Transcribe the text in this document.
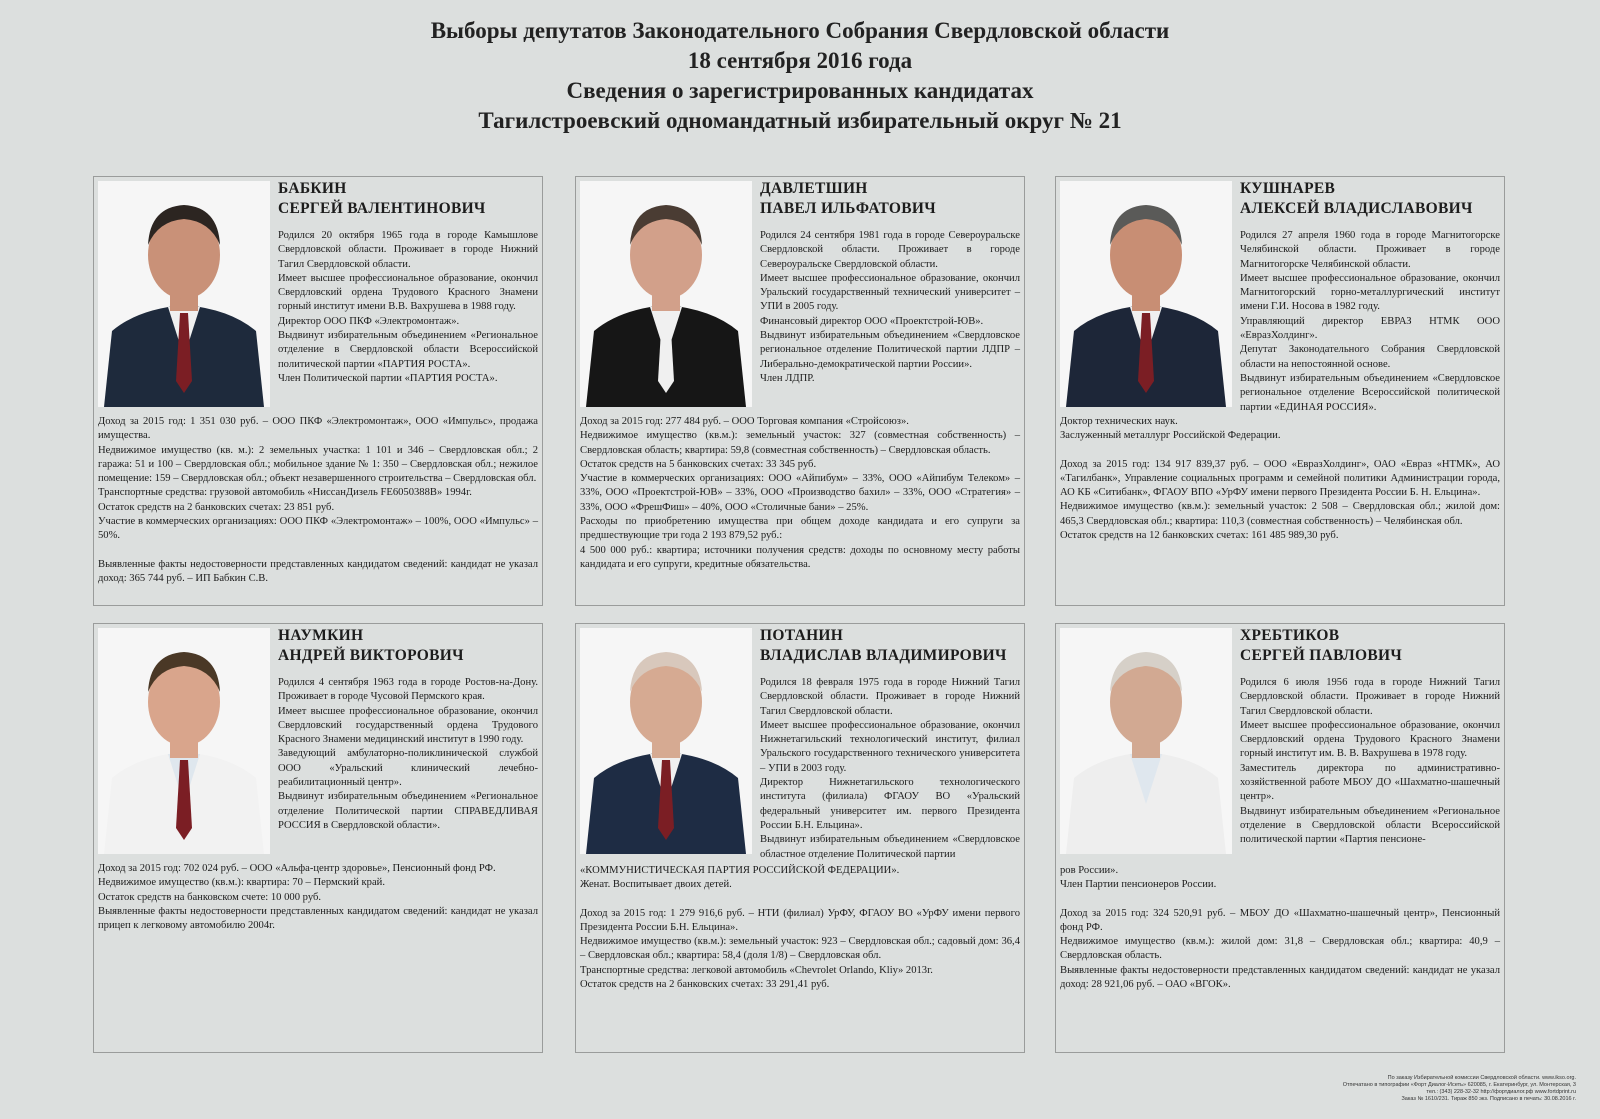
Выборы депутатов Законодательного Собрания Свердловской области
18 сентября 2016 года
Сведения о зарегистрированных кандидатах
Тагилстроевский одномандатный избирательный округ № 21
БАБКИН
СЕРГЕЙ ВАЛЕНТИНОВИЧ

Родился 20 октября 1965 года в городе Камышлове Свердловской области. Проживает в городе Нижний Тагил Свердловской области.

Имеет высшее профессиональное образование, окончил Свердловский ордена Трудового Красного Знамени горный институт имени В.В. Вахрушева в 1988 году.

Директор ООО ПКФ «Электромонтаж».

Выдвинут избирательным объединением «Региональное отделение в Свердловской области Всероссийской политической партии «ПАРТИЯ РОСТА».

Член Политической партии «ПАРТИЯ РОСТА».

Доход за 2015 год: 1 351 030 руб. – ООО ПКФ «Электромонтаж», ООО «Импульс», продажа имущества.

Недвижимое имущество (кв. м.): 2 земельных участка: 1 101 и 346 – Свердловская обл.; 2 гаража: 51 и 100 – Свердловская обл.; мобильное здание № 1: 350 – Свердловская обл.; нежилое помещение: 159 – Свердловская обл.; объект незавершенного строительства – Свердловская обл.

Транспортные средства: грузовой автомобиль «НиссанДизель FE6050388B» 1994г.

Остаток средств на 2 банковских счетах: 23 851 руб.

Участие в коммерческих организациях: ООО ПКФ «Электромонтаж» – 100%, ООО «Импульс» – 50%.

Выявленные факты недостоверности представленных кандидатом сведений: кандидат не указал доход: 365 744 руб. – ИП Бабкин С.В.

ДАВЛЕТШИН
ПАВЕЛ ИЛЬФАТОВИЧ

Родился 24 сентября 1981 года в городе Североуральске Свердловской области. Проживает в городе Североуральске Свердловской области.

Имеет высшее профессиональное образование, окончил Уральский государственный технический университет – УПИ в 2005 году.

Финансовый директор ООО «Проектстрой-ЮВ».

Выдвинут избирательным объединением «Свердловское региональное отделение Политической партии ЛДПР – Либерально-демократической партии России».

Член ЛДПР.

Доход за 2015 год: 277 484 руб. – ООО Торговая компания «Стройсоюз».

Недвижимое имущество (кв.м.): земельный участок: 327 (совместная собственность) – Свердловская область; квартира: 59,8 (совместная собственность) – Свердловская область.

Остаток средств на 5 банковских счетах: 33 345 руб.

Участие в коммерческих организациях: ООО «Айпибум» – 33%, ООО «Айпибум Телеком» – 33%, ООО «Проектстрой-ЮВ» – 33%, ООО «Производство бахил» – 33%, ООО «Стратегия» – 33%, ООО «ФрешФиш» – 40%, ООО «Столичные бани» – 25%.

Расходы по приобретению имущества при общем доходе кандидата и его супруги за предшествующие три года 2 193 879,52 руб.:

4 500 000 руб.: квартира; источники получения средств: доходы по основному месту работы кандидата и его супруги, кредитные обязательства.

КУШНАРЕВ
АЛЕКСЕЙ ВЛАДИСЛАВОВИЧ

Родился 27 апреля 1960 года в городе Магнитогорске Челябинской области. Проживает в городе Магнитогорске Челябинской области.

Имеет высшее профессиональное образование, окончил Магнитогорский горно-металлургический институт имени Г.И. Носова в 1982 году.

Управляющий директор ЕВРАЗ НТМК ООО «ЕвразХолдинг».

Депутат Законодательного Собрания Свердловской области на непостоянной основе.

Выдвинут избирательным объединением «Свердловское региональное отделение Всероссийской политической партии «ЕДИНАЯ РОССИЯ».

Доктор технических наук.

Заслуженный металлург Российской Федерации.

Доход за 2015 год: 134 917 839,37 руб. – ООО «ЕвразХолдинг», ОАО «Евраз «НТМК», АО «Тагилбанк», Управление социальных программ и семейной политики Администрации города, АО КБ «Ситибанк», ФГАОУ ВПО «УрФУ имени первого Президента России Б. Н. Ельцина».

Недвижимое имущество (кв.м.): земельный участок: 2 508 – Свердловская обл.; жилой дом: 465,3 Свердловская обл.; квартира: 110,3 (совместная собственность) – Челябинская обл.

Остаток средств на 12 банковских счетах: 161 485 989,30 руб.

НАУМКИН
АНДРЕЙ ВИКТОРОВИЧ

Родился 4 сентября 1963 года в городе Ростов-на-Дону. Проживает в городе Чусовой Пермского края.

Имеет высшее профессиональное образование, окончил Свердловский государственный ордена Трудового Красного Знамени медицинский институт в 1990 году.

Заведующий амбулаторно-поликлинической службой ООО «Уральский клинический лечебно-реабилитационный центр».

Выдвинут избирательным объединением «Региональное отделение Политической партии СПРАВЕДЛИВАЯ РОССИЯ в Свердловской области».

Доход за 2015 год: 702 024 руб. – ООО «Альфа-центр здоровье», Пенсионный фонд РФ.

Недвижимое имущество (кв.м.): квартира: 70 – Пермский край.

Остаток средств на банковском счете: 10 000 руб.

Выявленные факты недостоверности представленных кандидатом сведений: кандидат не указал прицеп к легковому автомобилю 2004г.

ПОТАНИН
ВЛАДИСЛАВ ВЛАДИМИРОВИЧ

Родился 18 февраля 1975 года в городе Нижний Тагил Свердловской области. Проживает в городе Нижний Тагил Свердловской области.

Имеет высшее профессиональное образование, окончил Нижнетагильский технологический институт, филиал Уральского государственного технического университета – УПИ в 2003 году.

Директор Нижнетагильского технологического института (филиала) ФГАОУ ВО «Уральский федеральный университет им. первого Президента России Б.Н. Ельцина».

Выдвинут избирательным объединением «Свердловское областное отделение Политической партии

«КОММУНИСТИЧЕСКАЯ ПАРТИЯ РОССИЙСКОЙ ФЕДЕРАЦИИ».

Женат. Воспитывает двоих детей.

Доход за 2015 год: 1 279 916,6 руб. – НТИ (филиал) УрФУ, ФГАОУ ВО «УрФУ имени первого Президента России Б.Н. Ельцина».

Недвижимое имущество (кв.м.): земельный участок: 923 – Свердловская обл.; садовый дом: 36,4 – Свердловская обл.; квартира: 58,4 (доля 1/8) – Свердловская обл.

Транспортные средства: легковой автомобиль «Chevrolet Orlando, Kliy» 2013г.

Остаток средств на 2 банковских счетах: 33 291,41 руб.

ХРЕБТИКОВ
СЕРГЕЙ ПАВЛОВИЧ

Родился 6 июля 1956 года в городе Нижний Тагил Свердловской области. Проживает в городе Нижний Тагил Свердловской области.

Имеет высшее профессиональное образование, окончил Свердловский ордена Трудового Красного Знамени горный институт им. В. В. Вахрушева в 1978 году.

Заместитель директора по административно-хозяйственной работе МБОУ ДО «Шахматно-шашечный центр».

Выдвинут избирательным объединением «Региональное отделение в Свердловской области Всероссийской политической партии «Партия пенсионе-

ров России».

Член Партии пенсионеров России.

Доход за 2015 год: 324 520,91 руб. – МБОУ ДО «Шахматно-шашечный центр», Пенсионный фонд РФ.

Недвижимое имущество (кв.м.): жилой дом: 31,8 – Свердловская обл.; квартира: 40,9 – Свердловская область.

Выявленные факты недостоверности представленных кандидатом сведений: кандидат не указал доход: 28 921,06 руб. – ОАО «ВГОК».

По заказу Избирательной комиссии Свердловской области. www.ikso.org.
Отпечатано в типографии «Форт Диалог-Исеть» 620085, г. Екатеринбург, ул. Монтерская, 3
тел.: (343) 228-32-32 http://фортдиалог.рф www.fortdprint.ru
Заказ № 1610/231. Тираж 850 экз. Подписано в печать: 30.08.2016 г.
